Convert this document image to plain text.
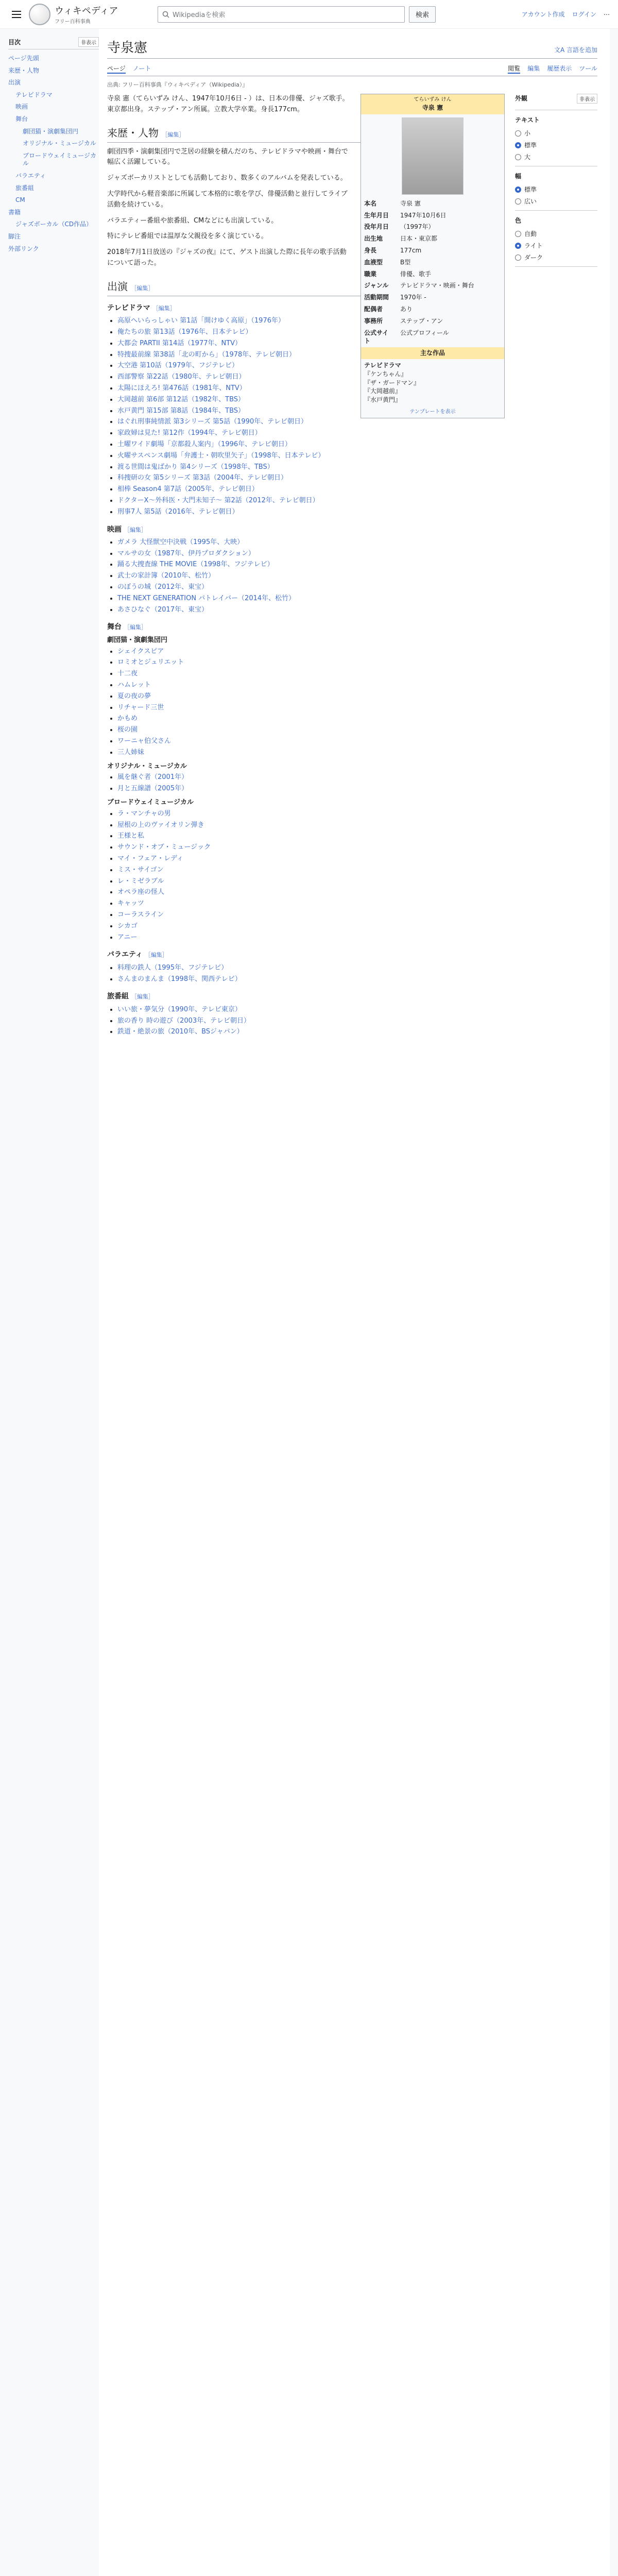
ウィキペディア
フリー百科事典
Wikipediaを検索	検索	アカウント作成 ログイン ⋯
目次	非表示
ページ先頭
来歴・人物
出演
テレビドラマ
映画
舞台
劇団猫・演劇集団円
オリジナル・ミュージカル
ブロードウェイミュージカル
バラエティ
旅番組
CM
書籍
ジャズボーカル（CD作品）
脚注
外部リンク
寺泉憲	文A 言語を追加
ページ ノート	閲覧 編集 履歴表示 ツール
出典: フリー百科事典『ウィキペディア（Wikipedia）』
てらいずみ けん
寺泉 憲
本名	寺泉 憲
生年月日	1947年10月6日
没年月日	（1997年）
出生地	日本・東京都
身長	177cm
血液型	B型
職業	俳優、歌手
ジャンル	テレビドラマ・映画・舞台
活動期間	1970年 -
配偶者	あり
事務所	ステップ・アン
公式サイト	公式プロフィール
主な作品
テレビドラマ
『ケンちゃん』
『ザ・ガードマン』
『大岡越前』
『水戸黄門』
テンプレートを表示

寺泉 憲（てらいずみ けん、1947年10月6日 - ）は、日本の俳優、ジャズ歌手。東京都出身。ステップ・アン所属。立教大学卒業。身長177cm。

来歴・人物 ［編集］

劇団四季・演劇集団円で芝居の経験を積んだのち、テレビドラマや映画・舞台で幅広く活躍している。

ジャズボーカリストとしても活動しており、数多くのアルバムを発表している。

大学時代から軽音楽部に所属して本格的に歌を学び、俳優活動と並行してライブ活動を続けている。

バラエティー番組や旅番組、CMなどにも出演している。

特にテレビ番組では温厚な父親役を多く演じている。

2018年7月1日放送の『ジャズの夜』にて、ゲスト出演した際に長年の歌手活動について語った。

出演 ［編集］
テレビドラマ ［編集］
• 高原へいらっしゃい 第1話「開けゆく高原」（1976年）
• 俺たちの旅 第13話（1976年、日本テレビ）
• 大都会 PARTII 第14話（1977年、NTV）
• 特捜最前線 第38話「北の町から」（1978年、テレビ朝日）
• 大空港 第10話（1979年、フジテレビ）
• 西部警察 第22話（1980年、テレビ朝日）
• 太陽にほえろ! 第476話（1981年、NTV）
• 大岡越前 第6部 第12話（1982年、TBS）
• 水戸黄門 第15部 第8話（1984年、TBS）
• はぐれ刑事純情派 第3シリーズ 第5話（1990年、テレビ朝日）
• 家政婦は見た! 第12作（1994年、テレビ朝日）
• 土曜ワイド劇場「京都殺人案内」（1996年、テレビ朝日）
• 火曜サスペンス劇場「弁護士・朝吹里矢子」（1998年、日本テレビ）
• 渡る世間は鬼ばかり 第4シリーズ（1998年、TBS）
• 科捜研の女 第5シリーズ 第3話（2004年、テレビ朝日）
• 相棒 Season4 第7話（2005年、テレビ朝日）
• ドクターX〜外科医・大門未知子〜 第2話（2012年、テレビ朝日）
• 刑事7人 第5話（2016年、テレビ朝日）
映画 ［編集］
• ガメラ 大怪獣空中決戦（1995年、大映）
• マルサの女（1987年、伊丹プロダクション）
• 踊る大捜査線 THE MOVIE（1998年、フジテレビ）
• 武士の家計簿（2010年、松竹）
• のぼうの城（2012年、東宝）
• THE NEXT GENERATION パトレイバー（2014年、松竹）
• あさひなぐ（2017年、東宝）
舞台 ［編集］
劇団猫・演劇集団円
• シェイクスピア
• ロミオとジュリエット
• 十二夜
• ハムレット
• 夏の夜の夢
• リチャード三世
• かもめ
• 桜の園
• ワーニャ伯父さん
• 三人姉妹
オリジナル・ミュージカル
• 風を継ぐ者（2001年）
• 月と五線譜（2005年）
ブロードウェイミュージカル
• ラ・マンチャの男
• 屋根の上のヴァイオリン弾き
• 王様と私
• サウンド・オブ・ミュージック
• マイ・フェア・レディ
• ミス・サイゴン
• レ・ミゼラブル
• オペラ座の怪人
• キャッツ
• コーラスライン
• シカゴ
• アニー
バラエティ ［編集］
• 料理の鉄人（1995年、フジテレビ）
• さんまのまんま（1998年、関西テレビ）
旅番組 ［編集］
• いい旅・夢気分（1990年、テレビ東京）
• 旅の香り 時の遊び（2003年、テレビ朝日）
• 鉄道・絶景の旅（2010年、BSジャパン）
外観	非表示
テキスト
小
標準
大
幅
標準
広い
色
自動
ライト
ダーク
